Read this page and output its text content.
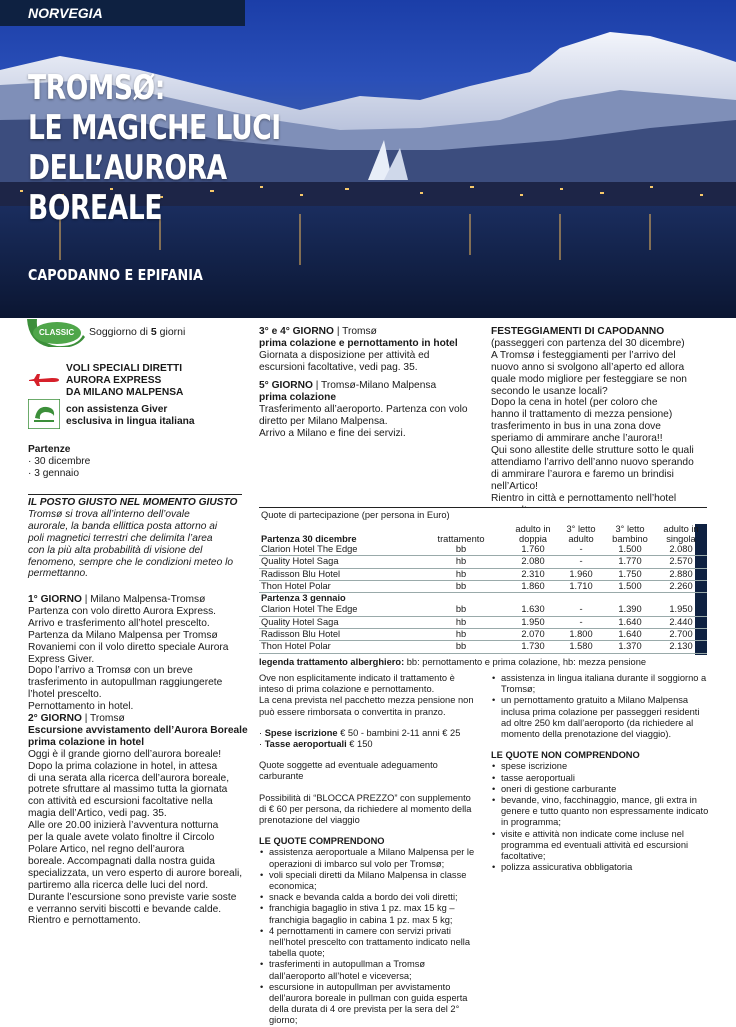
NORVEGIA
TROMSØ:
LE MAGICHE LUCI
DELL’AURORA
BOREALE
CAPODANNO E EPIFANIA
CLASSIC Soggiorno di 5 giorni
VOLI SPECIALI DIRETTI
AURORA EXPRESS
DA MILANO MALPENSA
con assistenza Giver
esclusiva in lingua italiana
Partenze
· 30 dicembre
· 3 gennaio
IL POSTO GIUSTO NEL MOMENTO GIUSTO
Tromsø si trova all’interno dell’ovale
aurorale, la banda ellittica posta attorno ai
poli magnetici terrestri che delimita l’area
con la più alta probabilità di visione del
fenomeno, sempre che le condizioni meteo lo
permettanno.
1° GIORNO | Milano Malpensa-Tromsø
Partenza con volo diretto Aurora Express.
Arrivo e trasferimento all’hotel prescelto.
Partenza da Milano Malpensa per Tromsø
Rovaniemi con il volo diretto speciale Aurora
Express Giver.
Dopo l’arrivo a Tromsø con un breve
trasferimento in autopullman raggiungerete
l’hotel prescelto.
Pernottamento in hotel.
2° GIORNO | Tromsø
Escursione avvistamento dell’Aurora Boreale
prima colazione in hotel
Oggi è il grande giorno dell’aurora boreale!
Dopo la prima colazione in hotel, in attesa
di una serata alla ricerca dell’aurora boreale,
potrete sfruttare al massimo tutta la giornata
con attività ed escursioni facoltative nella
magia dell’Artico, vedi pag. 35.
Alle ore 20.00 inizierà l’avventura notturna
per la quale avete volato finoltre il Circolo
Polare Artico, nel regno dell’aurora
boreale. Accompagnati dalla nostra guida
specializzata, un vero esperto di aurore boreali,
partiremo alla ricerca delle luci del nord.
Durante l’escursione sono previste varie soste
e verranno serviti biscotti e bevande calde.
Rientro e pernottamento.
3° e 4° GIORNO | Tromsø
prima colazione e pernottamento in hotel
Giornata a disposizione per attività ed
escursioni facoltative, vedi pag. 35.
5° GIORNO | Tromsø-Milano Malpensa
prima colazione
Trasferimento all’aeroporto. Partenza con volo
diretto per Milano Malpensa.
Arrivo a Milano e fine dei servizi.
FESTEGGIAMENTI DI CAPODANNO
(passeggeri con partenza del 30 dicembre)
A Tromsø i festeggiamenti per l’arrivo del
nuovo anno si svolgono all’aperto ed allora
quale modo migliore per festeggiare se non
secondo le usanze locali?
Dopo la cena in hotel (per coloro che
hanno il trattamento di mezza pensione)
trasferimento in bus in una zona dove
speriamo di ammirare anche l’aurora!!
Qui sono allestite delle strutture sotto le quali
attendiamo l’arrivo dell’anno nuovo sperando
di ammirare l’aurora e faremo un brindisi
nell’Artico!
Rientro in città e pernottamento nell’hotel
Quote di partecipazione (per persona in Euro)					
Partenza 30 dicembre	trattamento	adulto in doppia	3° letto adulto	3° letto bambino	adulto in singola
Clarion Hotel The Edge	bb	1.760	-	1.500	2.080
Quality Hotel Saga	hb	2.080	-	1.770	2.570
Radisson Blu Hotel	hb	2.310	1.960	1.750	2.880
Thon Hotel Polar	bb	1.860	1.710	1.500	2.260
Partenza 3 gennaio					
Clarion Hotel The Edge	bb	1.630	-	1.390	1.950
Quality Hotel Saga	hb	1.950	-	1.640	2.440
Radisson Blu Hotel	hb	2.070	1.800	1.640	2.700
Thon Hotel Polar	bb	1.730	1.580	1.370	2.130
legenda trattamento alberghiero: bb: pernottamento e prima colazione, hb: mezza pensione
Ove non esplicitamente indicato il trattamento è
inteso di prima colazione e pernottamento.
La cena prevista nel pacchetto mezza pensione non
può essere rimborsata o convertita in pranzo.
· Spese iscrizione € 50 - bambini 2-11 anni € 25
· Tasse aeroportuali € 150
Quote soggette ad eventuale adeguamento
carburante
Possibilità di “BLOCCA PREZZO” con supplemento
di € 60 per persona, da richiedere al momento della
prenotazione del viaggio
LE QUOTE COMPRENDONO
• assistenza aeroportuale a Milano Malpensa per le
operazioni di imbarco sul volo per Tromsø;
• voli speciali diretti da Milano Malpensa in classe
economica;
• snack e bevanda calda a bordo dei voli diretti;
• franchigia bagaglio in stiva 1 pz. max 15 kg –
franchigia bagaglio in cabina 1 pz. max 5 kg;
• 4 pernottamenti in camere con servizi privati
nell’hotel prescelto con trattamento indicato nella
tabella quote;
• trasferimenti in autopullman a Tromsø
dall’aeroporto all’hotel e viceversa;
• escursione in autopullman per avvistamento
dell’aurora boreale in pullman con guida esperta
della durata di 4 ore prevista per la sera del 2°
giorno;
• assistenza in lingua italiana durante il soggiorno a
Tromsø;
• un pernottamento gratuito a Milano Malpensa
inclusa prima colazione per passeggeri residenti
ad oltre 250 km dall’aeroporto (da richiedere al
momento della prenotazione del viaggio).
LE QUOTE NON COMPRENDONO
• spese iscrizione
• tasse aeroportuali
• oneri di gestione carburante
• bevande, vino, facchinaggio, mance, gli extra in
genere e tutto quanto non espressamente indicato
in programma;
• visite e attività non indicate come incluse nel
programma ed eventuali attività ed escursioni
facoltative;
• polizza assicurativa obbligatoria
